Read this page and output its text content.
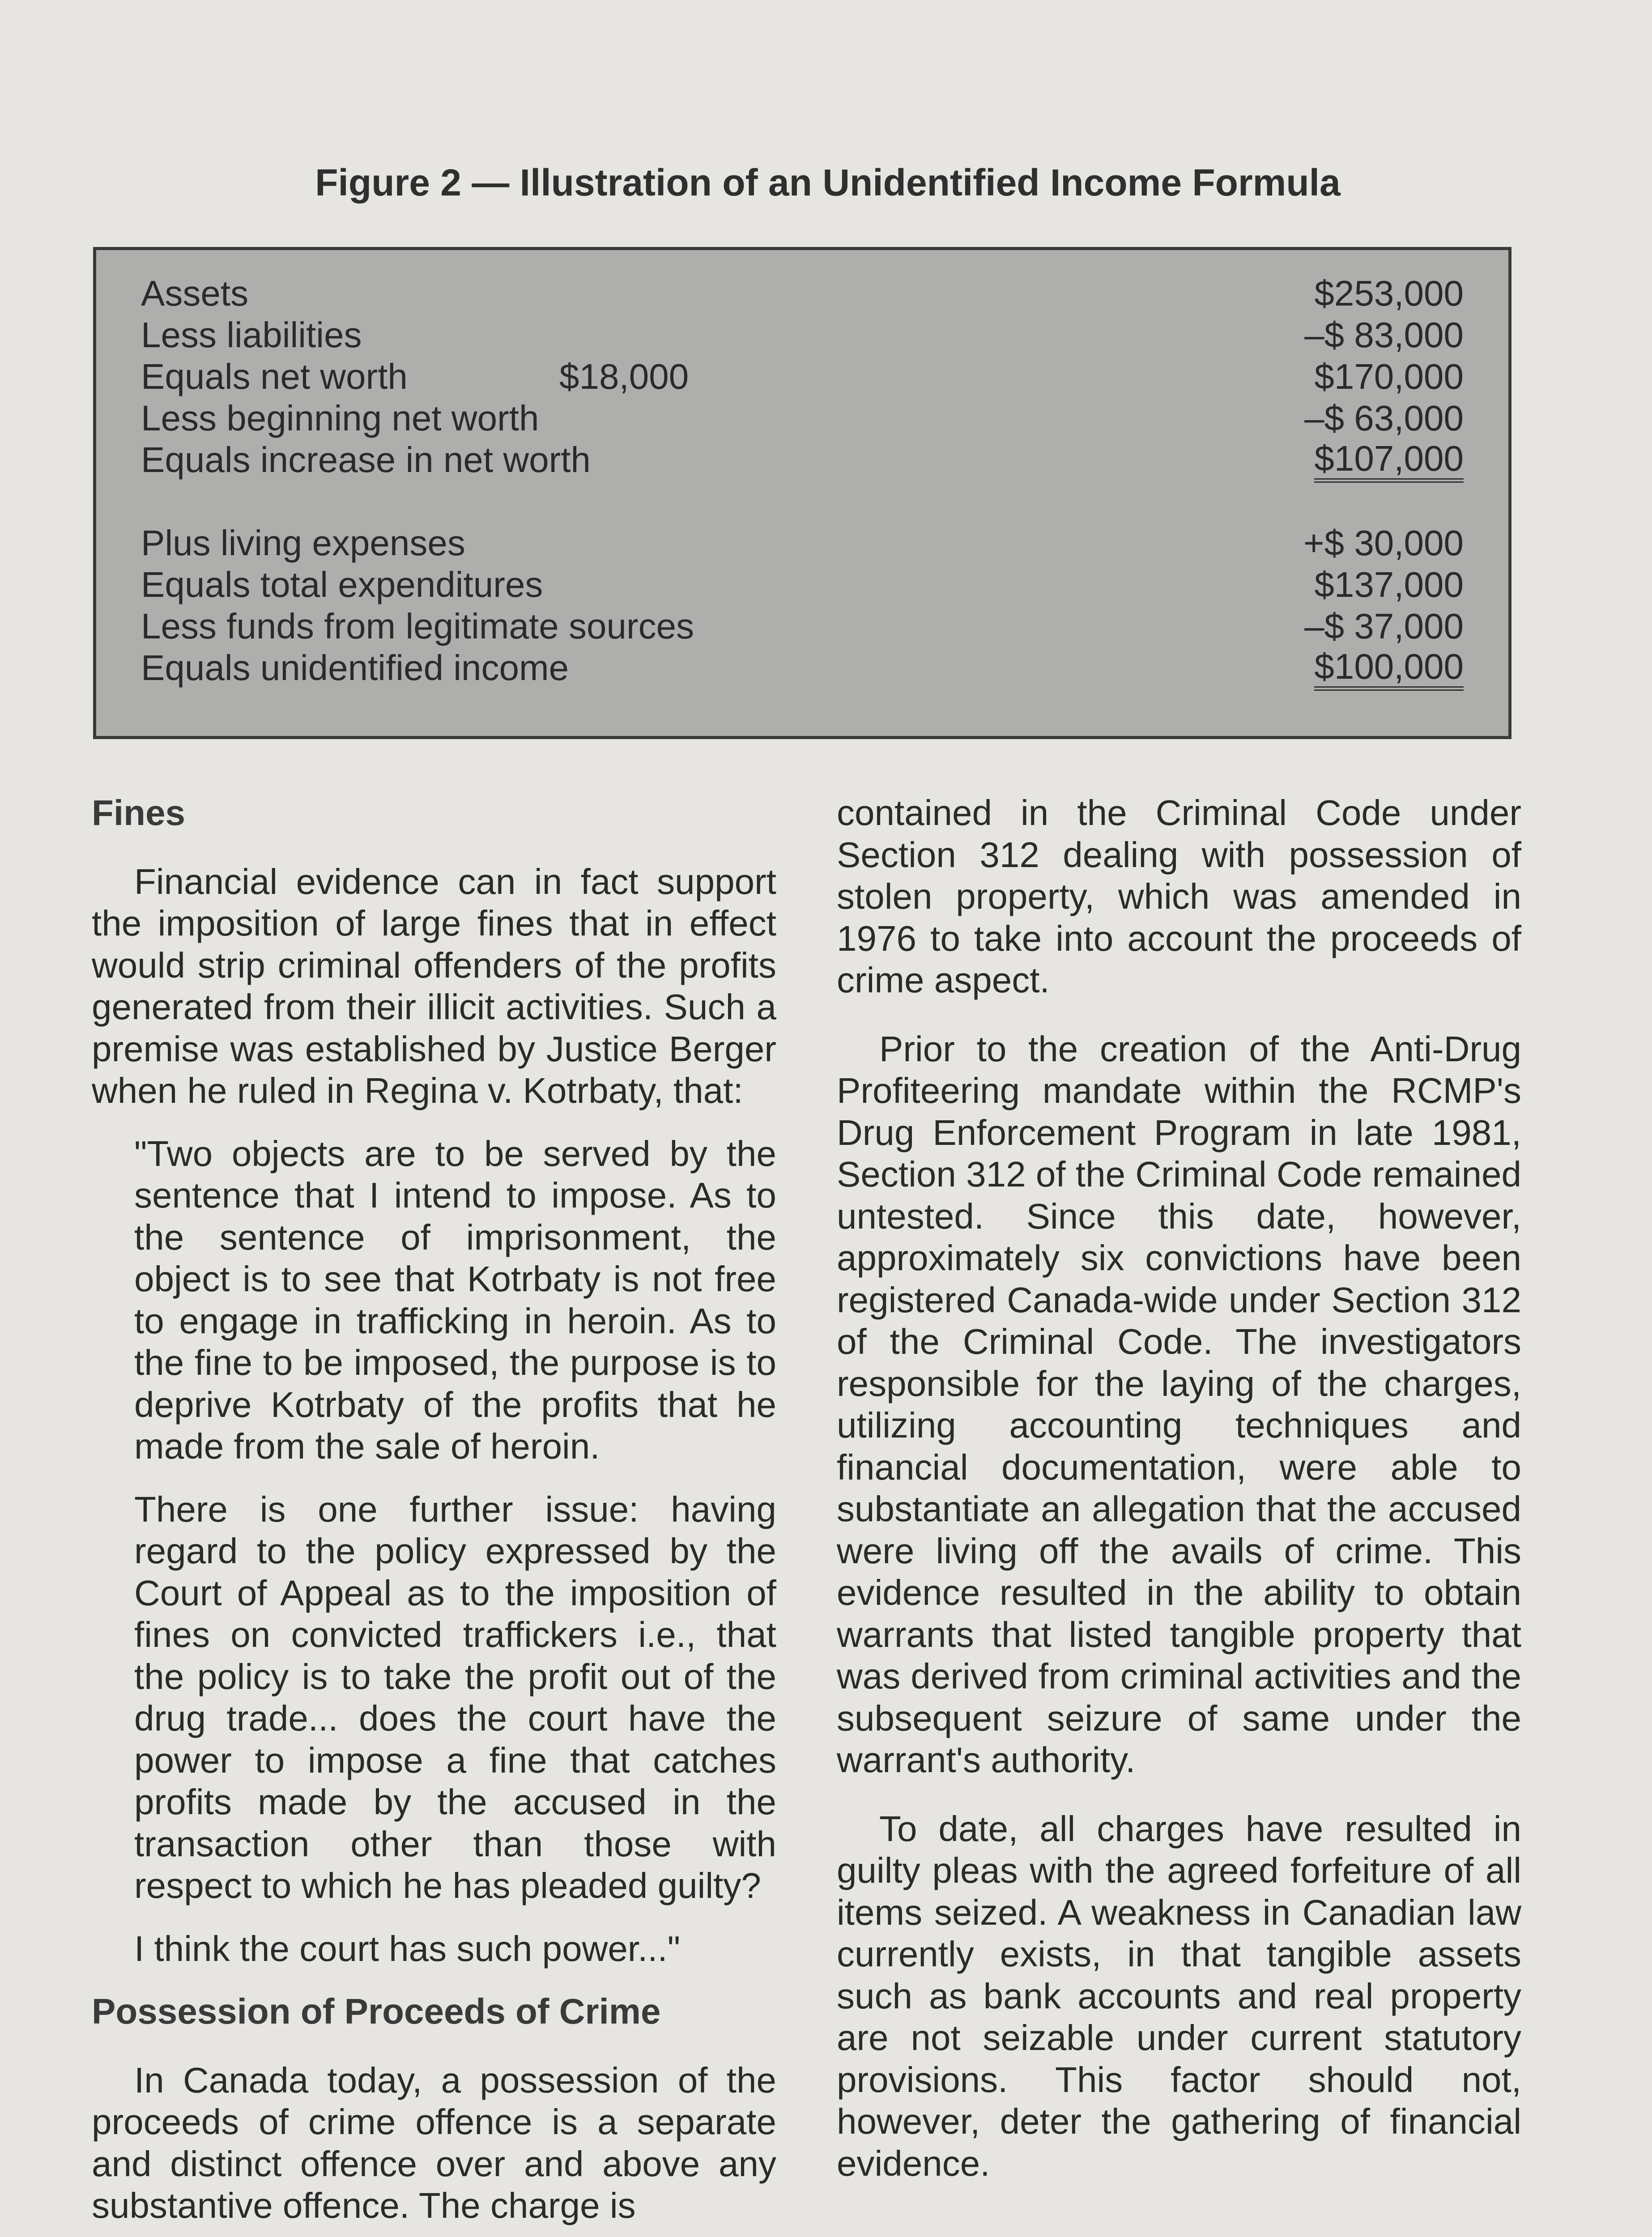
Figure 2 — Illustration of an Unidentified Income Formula
Assets	$253,000
Less liabilities	–$ 83,000
Equals net worth	$18,000	$170,000
Less beginning net worth	–$ 63,000
Equals increase in net worth	$107,000
Plus living expenses	+$ 30,000
Equals total expenditures	$137,000
Less funds from legitimate sources	–$ 37,000
Equals unidentified income	$100,000

Fines

Financial evidence can in fact support the imposition of large fines that in effect would strip criminal offenders of the profits generated from their illicit activities. Such a premise was established by Justice Berger when he ruled in Regina v. Kotrbaty, that:

"Two objects are to be served by the sentence that I intend to impose. As to the sentence of imprisonment, the object is to see that Kotrbaty is not free to engage in trafficking in heroin. As to the fine to be imposed, the purpose is to deprive Kotrbaty of the profits that he made from the sale of heroin.

There is one further issue: having regard to the policy expressed by the Court of Appeal as to the imposition of fines on convicted traffickers i.e., that the policy is to take the profit out of the drug trade... does the court have the power to impose a fine that catches profits made by the accused in the transaction other than those with respect to which he has pleaded guilty?

I think the court has such power..."

Possession of Proceeds of Crime

In Canada today, a possession of the proceeds of crime offence is a separate and distinct offence over and above any substantive offence. The charge is

contained in the Criminal Code under Section 312 dealing with possession of stolen property, which was amended in 1976 to take into account the proceeds of crime aspect.

Prior to the creation of the Anti-Drug Profiteering mandate within the RCMP's Drug Enforcement Program in late 1981, Section 312 of the Criminal Code remained untested. Since this date, however, approximately six convictions have been registered Canada-wide under Section 312 of the Criminal Code. The investigators responsible for the laying of the charges, utilizing accounting techniques and financial documentation, were able to substantiate an allegation that the accused were living off the avails of crime. This evidence resulted in the ability to obtain warrants that listed tangible property that was derived from criminal activities and the subsequent seizure of same under the warrant's authority.

To date, all charges have resulted in guilty pleas with the agreed forfeiture of all items seized. A weakness in Canadian law currently exists, in that tangible assets such as bank accounts and real property are not seizable under current statutory provisions. This factor should not, however, deter the gathering of financial evidence.
